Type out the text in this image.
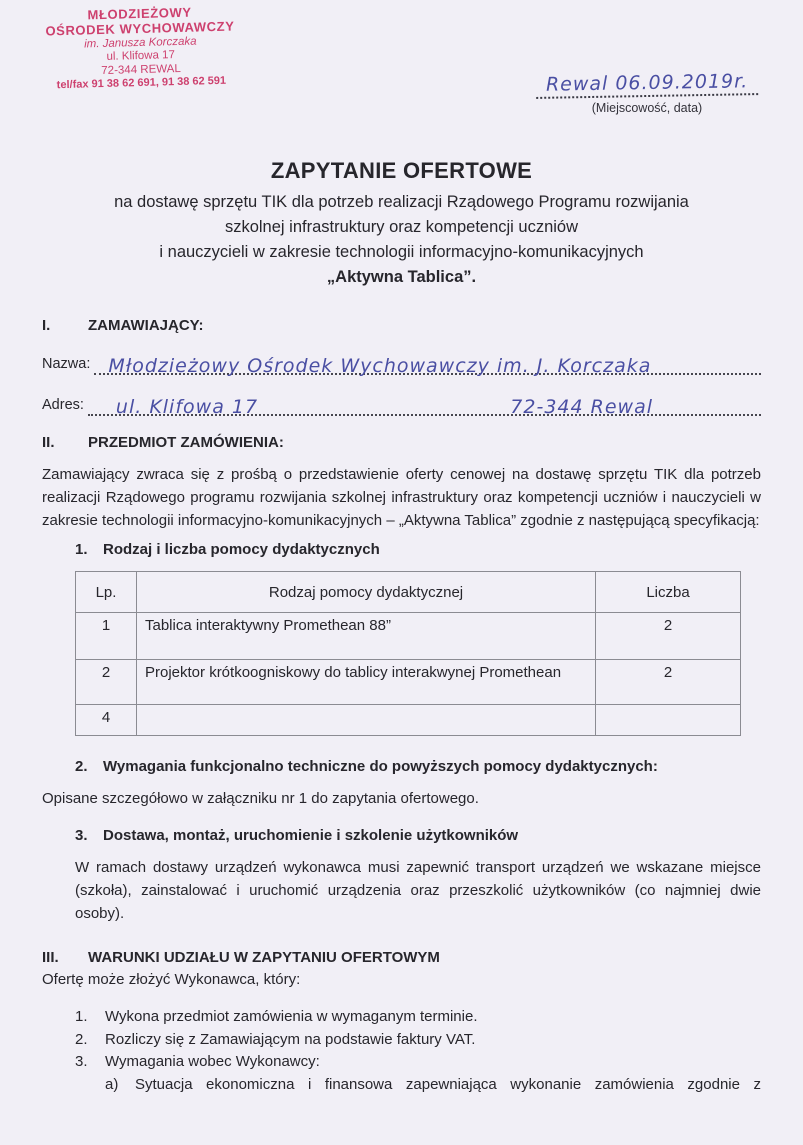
MŁODZIEŻOWY
OŚRODEK WYCHOWAWCZY
im. Janusza Korczaka
ul. Klifowa 17
72-344 REWAL
tel/fax 91 38 62 691, 91 38 62 591	Rewal 06.09.2019r.
(Miejscowość, data)
ZAPYTANIE OFERTOWE
na dostawę sprzętu TIK dla potrzeb realizacji Rządowego Programu rozwijania
szkolnej infrastruktury oraz kompetencji uczniów
i nauczycieli w zakresie technologii informacyjno-komunikacyjnych
„Aktywna Tablica”.
I.	ZAMAWIAJĄCY:
Nazwa: Młodzieżowy Ośrodek Wychowawczy im. J. Korczaka
Adres: ul. Klifowa 17	72-344 Rewal
II.	PRZEDMIOT ZAMÓWIENIA:

Zamawiający zwraca się z prośbą o przedstawienie oferty cenowej na dostawę sprzętu TIK dla potrzeb realizacji Rządowego programu rozwijania szkolnej infrastruktury oraz kompetencji uczniów i nauczycieli w zakresie technologii informacyjno-komunikacyjnych – „Aktywna Tablica” zgodnie z następującą specyfikacją:

1.	Rodzaj i liczba pomocy dydaktycznych
Lp.	Rodzaj pomocy dydaktycznej	Liczba
1	Tablica interaktywny Promethean 88”	2
2	Projektor krótkoogniskowy do tablicy interakwynej Promethean	2
4		
2.	Wymagania funkcjonalno techniczne do powyższych pomocy dydaktycznych:

Opisane szczegółowo w załączniku nr 1 do zapytania ofertowego.

3.	Dostawa, montaż, uruchomienie i szkolenie użytkowników

W ramach dostawy urządzeń wykonawca musi zapewnić transport urządzeń we wskazane miejsce (szkoła), zainstalować i uruchomić urządzenia oraz przeszkolić użytkowników (co najmniej dwie osoby).

III.	WARUNKI UDZIAŁU W ZAPYTANIU OFERTOWYM

Ofertę może złożyć Wykonawca, który:

1.	Wykona przedmiot zamówienia w wymaganym terminie.
2.	Rozliczy się z Zamawiającym na podstawie faktury VAT.
3.	Wymagania wobec Wykonawcy:
a)	Sytuacja ekonomiczna i finansowa zapewniająca wykonanie zamówienia zgodnie z
